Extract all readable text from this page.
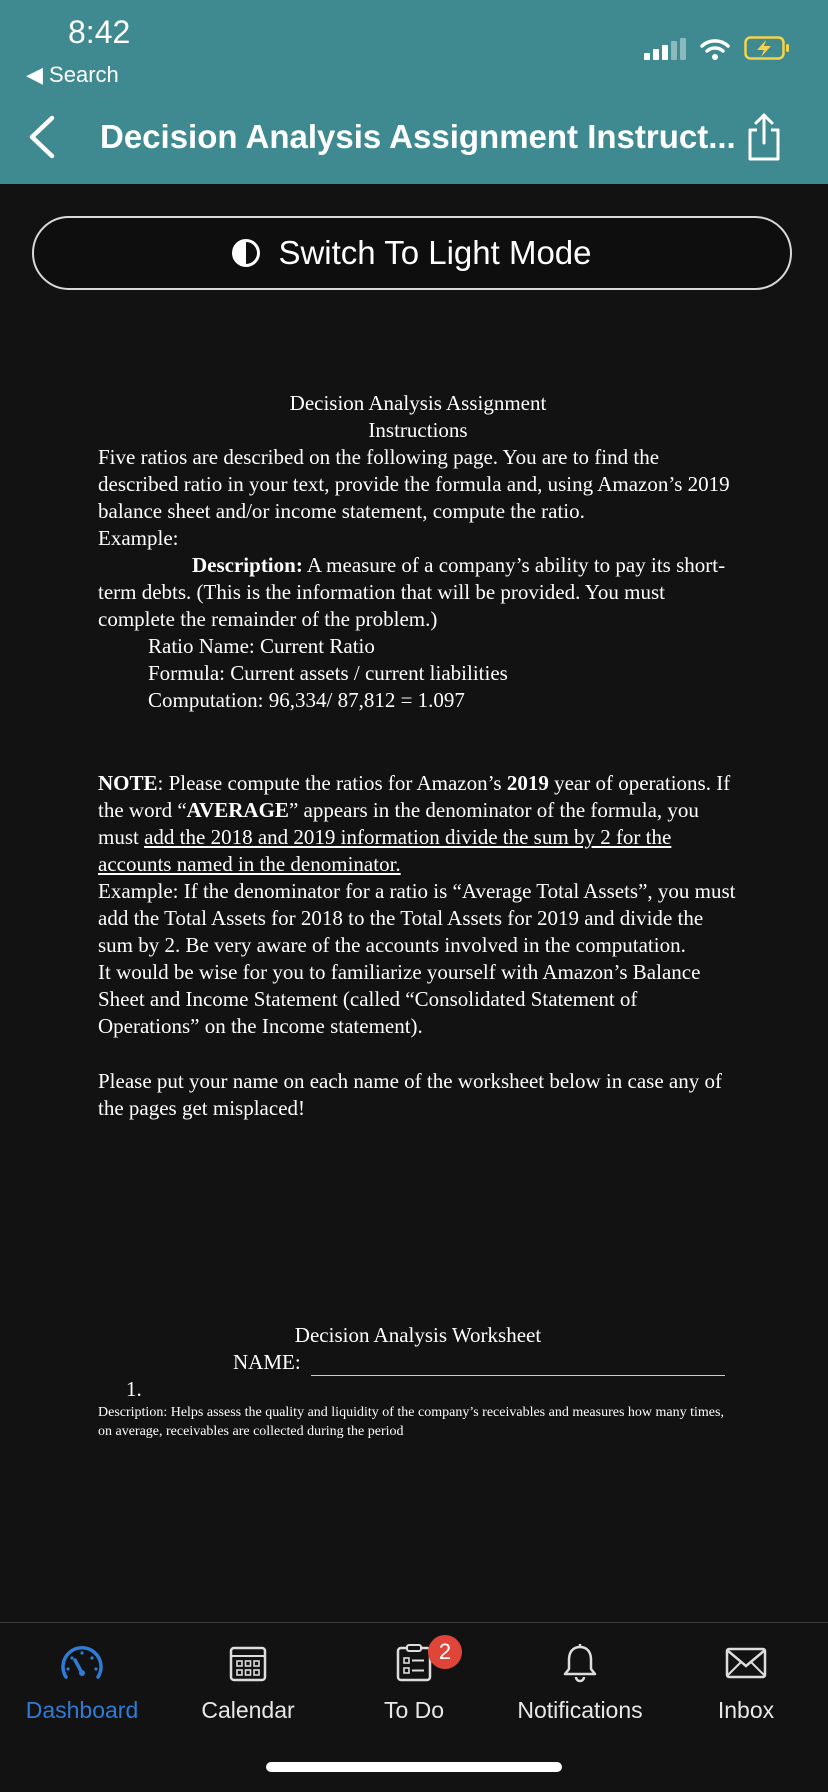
8:42
◀ Search
Decision Analysis Assignment Instruct...
Switch To Light Mode
Decision Analysis Assignment
Instructions
Five ratios are described on the following page. You are to find the described ratio in your text, provide the formula and, using Amazon’s 2019 balance sheet and/or income statement, compute the ratio.
Example:
Description: A measure of a company’s ability to pay its short-term debts. (This is the information that will be provided. You must complete the remainder of the problem.)
Ratio Name: Current Ratio
Formula: Current assets / current liabilities
Computation: 96,334/ 87,812 = 1.097
NOTE: Please compute the ratios for Amazon’s 2019 year of operations. If the word “AVERAGE” appears in the denominator of the formula, you must add the 2018 and 2019 information divide the sum by 2 for the accounts named in the denominator.
Example: If the denominator for a ratio is “Average Total Assets”, you must add the Total Assets for 2018 to the Total Assets for 2019 and divide the sum by 2. Be very aware of the accounts involved in the computation.
It would be wise for you to familiarize yourself with Amazon’s Balance Sheet and Income Statement (called “Consolidated Statement of Operations” on the Income statement).
Please put your name on each name of the worksheet below in case any of the pages get misplaced!
Decision Analysis Worksheet
NAME:
1.
Description: Helps assess the quality and liquidity of the company’s receivables and measures how many times, on average, receivables are collected during the period
Dashboard	Calendar
2
To Do	Notifications	Inbox
